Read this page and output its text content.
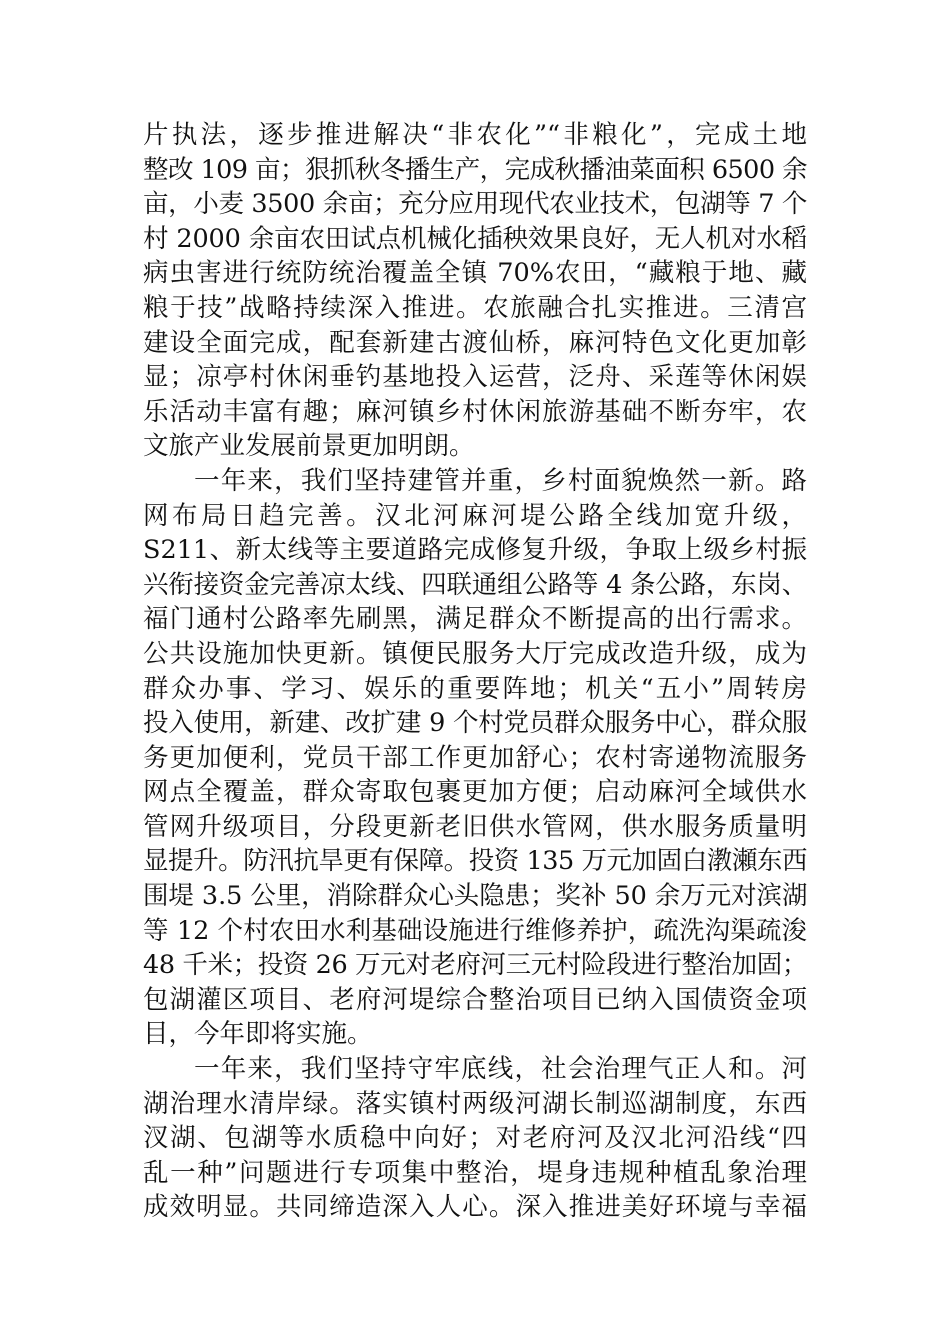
片执法，逐步推进解决“非农化”“非粮化”，完成土地
整改 109 亩；狠抓秋冬播生产，完成秋播油菜面积 6500 余
亩，小麦 3500 余亩；充分应用现代农业技术，包湖等 7 个
村 2000 余亩农田试点机械化插秧效果良好，无人机对水稻
病虫害进行统防统治覆盖全镇 70%农田，“藏粮于地、藏
粮于技”战略持续深入推进。农旅融合扎实推进。三清宫
建设全面完成，配套新建古渡仙桥，麻河特色文化更加彰
显；凉亭村休闲垂钓基地投入运营，泛舟、采莲等休闲娱
乐活动丰富有趣；麻河镇乡村休闲旅游基础不断夯牢，农
文旅产业发展前景更加明朗。
一年来，我们坚持建管并重，乡村面貌焕然一新。路
网布局日趋完善。汉北河麻河堤公路全线加宽升级，
S211、新太线等主要道路完成修复升级，争取上级乡村振
兴衔接资金完善凉太线、四联通组公路等 4 条公路，东岗、
福门通村公路率先刷黑，满足群众不断提高的出行需求。
公共设施加快更新。镇便民服务大厅完成改造升级，成为
群众办事、学习、娱乐的重要阵地；机关“五小”周转房
投入使用，新建、改扩建 9 个村党员群众服务中心，群众服
务更加便利，党员干部工作更加舒心；农村寄递物流服务
网点全覆盖，群众寄取包裹更加方便；启动麻河全域供水
管网升级项目，分段更新老旧供水管网，供水服务质量明
显提升。防汛抗旱更有保障。投资 135 万元加固白漖瀬东西
围堤 3.5 公里，消除群众心头隐患；奖补 50 余万元对滨湖
等 12 个村农田水利基础设施进行维修养护，疏洗沟渠疏浚
48 千米；投资 26 万元对老府河三元村险段进行整治加固；
包湖灌区项目、老府河堤综合整治项目已纳入国债资金项
目，今年即将实施。
一年来，我们坚持守牢底线，社会治理气正人和。河
湖治理水清岸绿。落实镇村两级河湖长制巡湖制度，东西
汊湖、包湖等水质稳中向好；对老府河及汉北河沿线“四
乱一种”问题进行专项集中整治，堤身违规种植乱象治理
成效明显。共同缔造深入人心。深入推进美好环境与幸福
